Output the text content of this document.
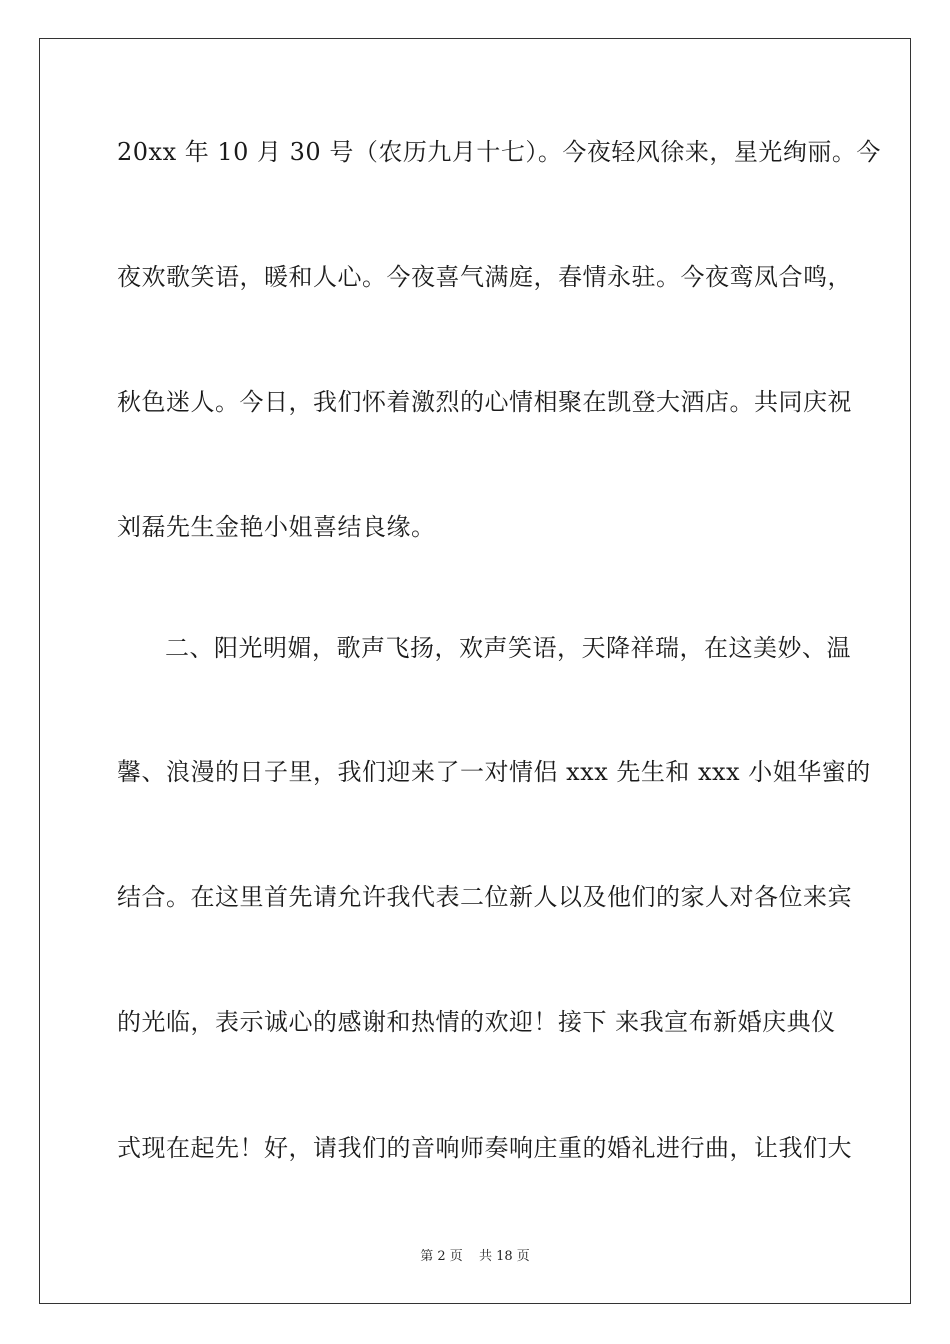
20xx 年 10 月 30 号（农历九月十七）。今夜轻风徐来，星光绚丽。今
夜欢歌笑语，暖和人心。今夜喜气满庭，春情永驻。今夜鸾凤合鸣，
秋色迷人。今日，我们怀着激烈的心情相聚在凯登大酒店。共同庆祝
刘磊先生金艳小姐喜结良缘。
二、阳光明媚，歌声飞扬，欢声笑语，天降祥瑞，在这美妙、温
馨、浪漫的日子里，我们迎来了一对情侣 xxx 先生和 xxx 小姐华蜜的
结合。在这里首先请允许我代表二位新人以及他们的家人对各位来宾
的光临，表示诚心的感谢和热情的欢迎！接下 来我宣布新婚庆典仪
式现在起先！好，请我们的音响师奏响庄重的婚礼进行曲，让我们大
第 2 页 共 18 页
